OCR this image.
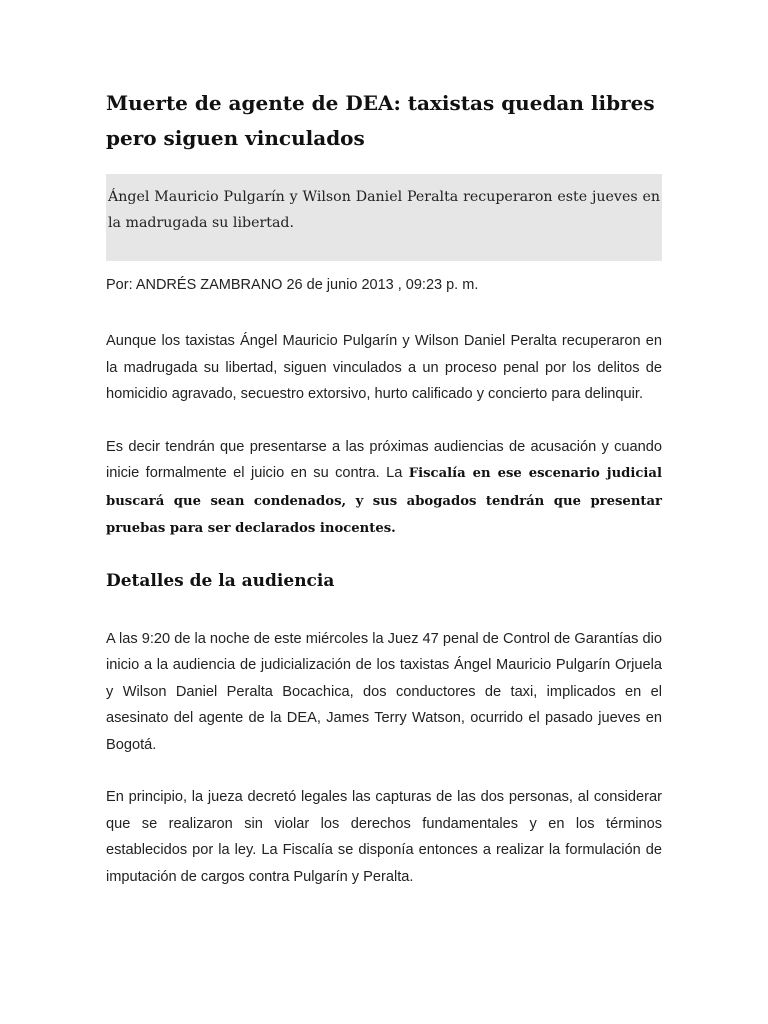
Muerte de agente de DEA: taxistas quedan libres pero siguen vinculados

Ángel Mauricio Pulgarín y Wilson Daniel Peralta recuperaron este jueves en la madrugada su libertad.

Por: ANDRÉS ZAMBRANO 26 de junio 2013 , 09:23 p. m.

Aunque los taxistas Ángel Mauricio Pulgarín y Wilson Daniel Peralta recuperaron en la madrugada su libertad, siguen vinculados a un proceso penal por los delitos de homicidio agravado, secuestro extorsivo, hurto calificado y concierto para delinquir.

Es decir tendrán que presentarse a las próximas audiencias de acusación y cuando inicie formalmente el juicio en su contra. La Fiscalía en ese escenario judicial buscará que sean condenados, y sus abogados tendrán que presentar pruebas para ser declarados inocentes.

Detalles de la audiencia

A las 9:20 de la noche de este miércoles la Juez 47 penal de Control de Garantías dio inicio a la audiencia de judicialización de los taxistas Ángel Mauricio Pulgarín Orjuela y Wilson Daniel Peralta Bocachica, dos conductores de taxi, implicados en el asesinato del agente de la DEA, James Terry Watson, ocurrido el pasado jueves en Bogotá.

En principio, la jueza decretó legales las capturas de las dos personas, al considerar que se realizaron sin violar los derechos fundamentales y en los términos establecidos por la ley. La Fiscalía se disponía entonces a realizar la formulación de imputación de cargos contra Pulgarín y Peralta.
